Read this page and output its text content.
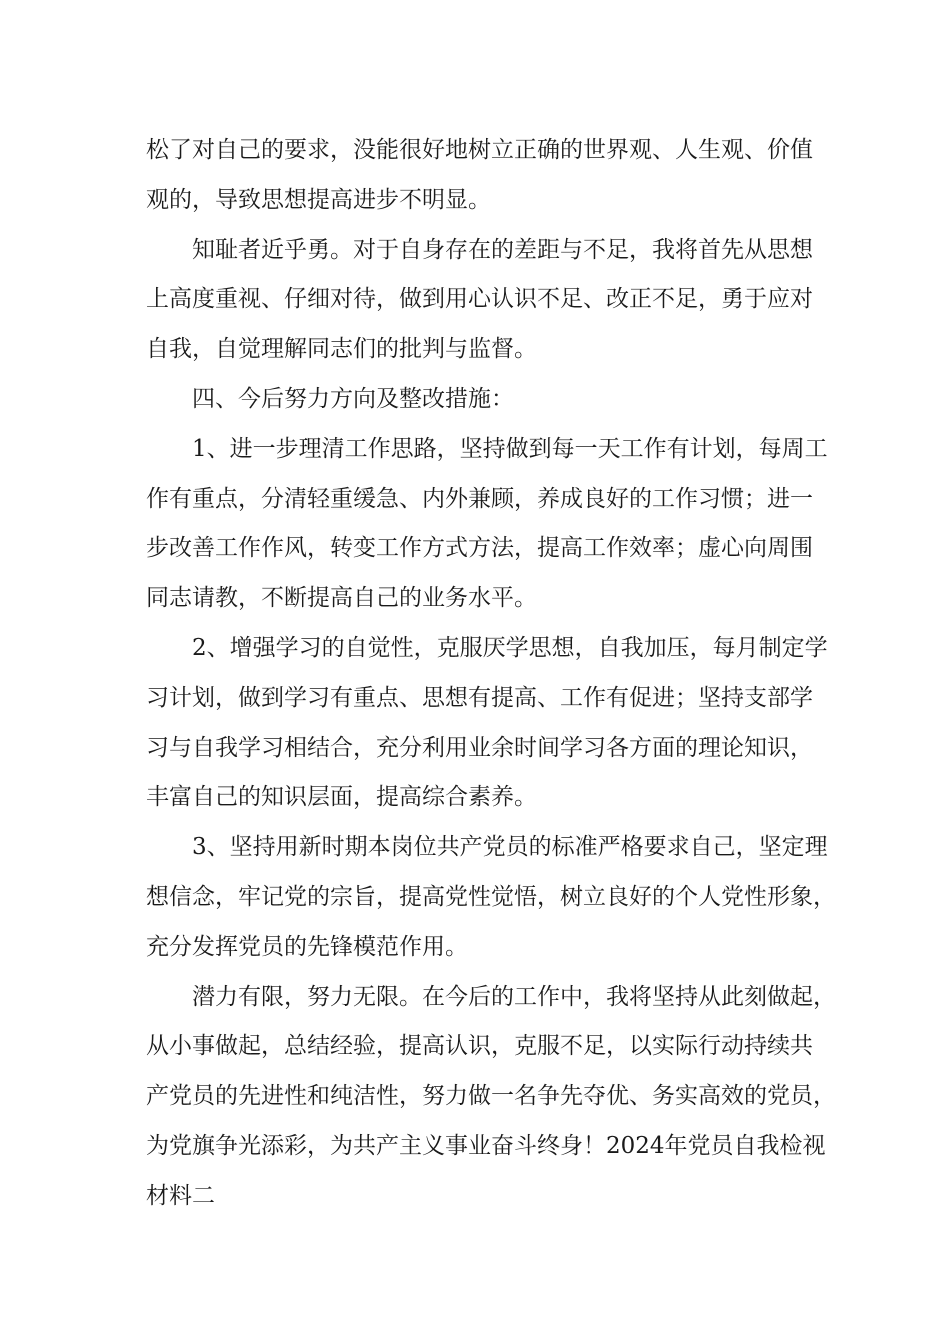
松了对自己的要求，没能很好地树立正确的世界观、人生观、价值
观的，导致思想提高进步不明显。
知耻者近乎勇。对于自身存在的差距与不足，我将首先从思想
上高度重视、仔细对待，做到用心认识不足、改正不足，勇于应对
自我，自觉理解同志们的批判与监督。
四、今后努力方向及整改措施：
1、进一步理清工作思路，坚持做到每一天工作有计划，每周工
作有重点，分清轻重缓急、内外兼顾，养成良好的工作习惯；进一
步改善工作作风，转变工作方式方法，提高工作效率；虚心向周围
同志请教，不断提高自己的业务水平。
2、增强学习的自觉性，克服厌学思想，自我加压，每月制定学
习计划，做到学习有重点、思想有提高、工作有促进；坚持支部学
习与自我学习相结合，充分利用业余时间学习各方面的理论知识，
丰富自己的知识层面，提高综合素养。
3、坚持用新时期本岗位共产党员的标准严格要求自己，坚定理
想信念，牢记党的宗旨，提高党性觉悟，树立良好的个人党性形象，
充分发挥党员的先锋模范作用。
潜力有限，努力无限。在今后的工作中，我将坚持从此刻做起，
从小事做起，总结经验，提高认识，克服不足，以实际行动持续共
产党员的先进性和纯洁性，努力做一名争先夺优、务实高效的党员，
为党旗争光添彩，为共产主义事业奋斗终身！2024年党员自我检视
材料二
